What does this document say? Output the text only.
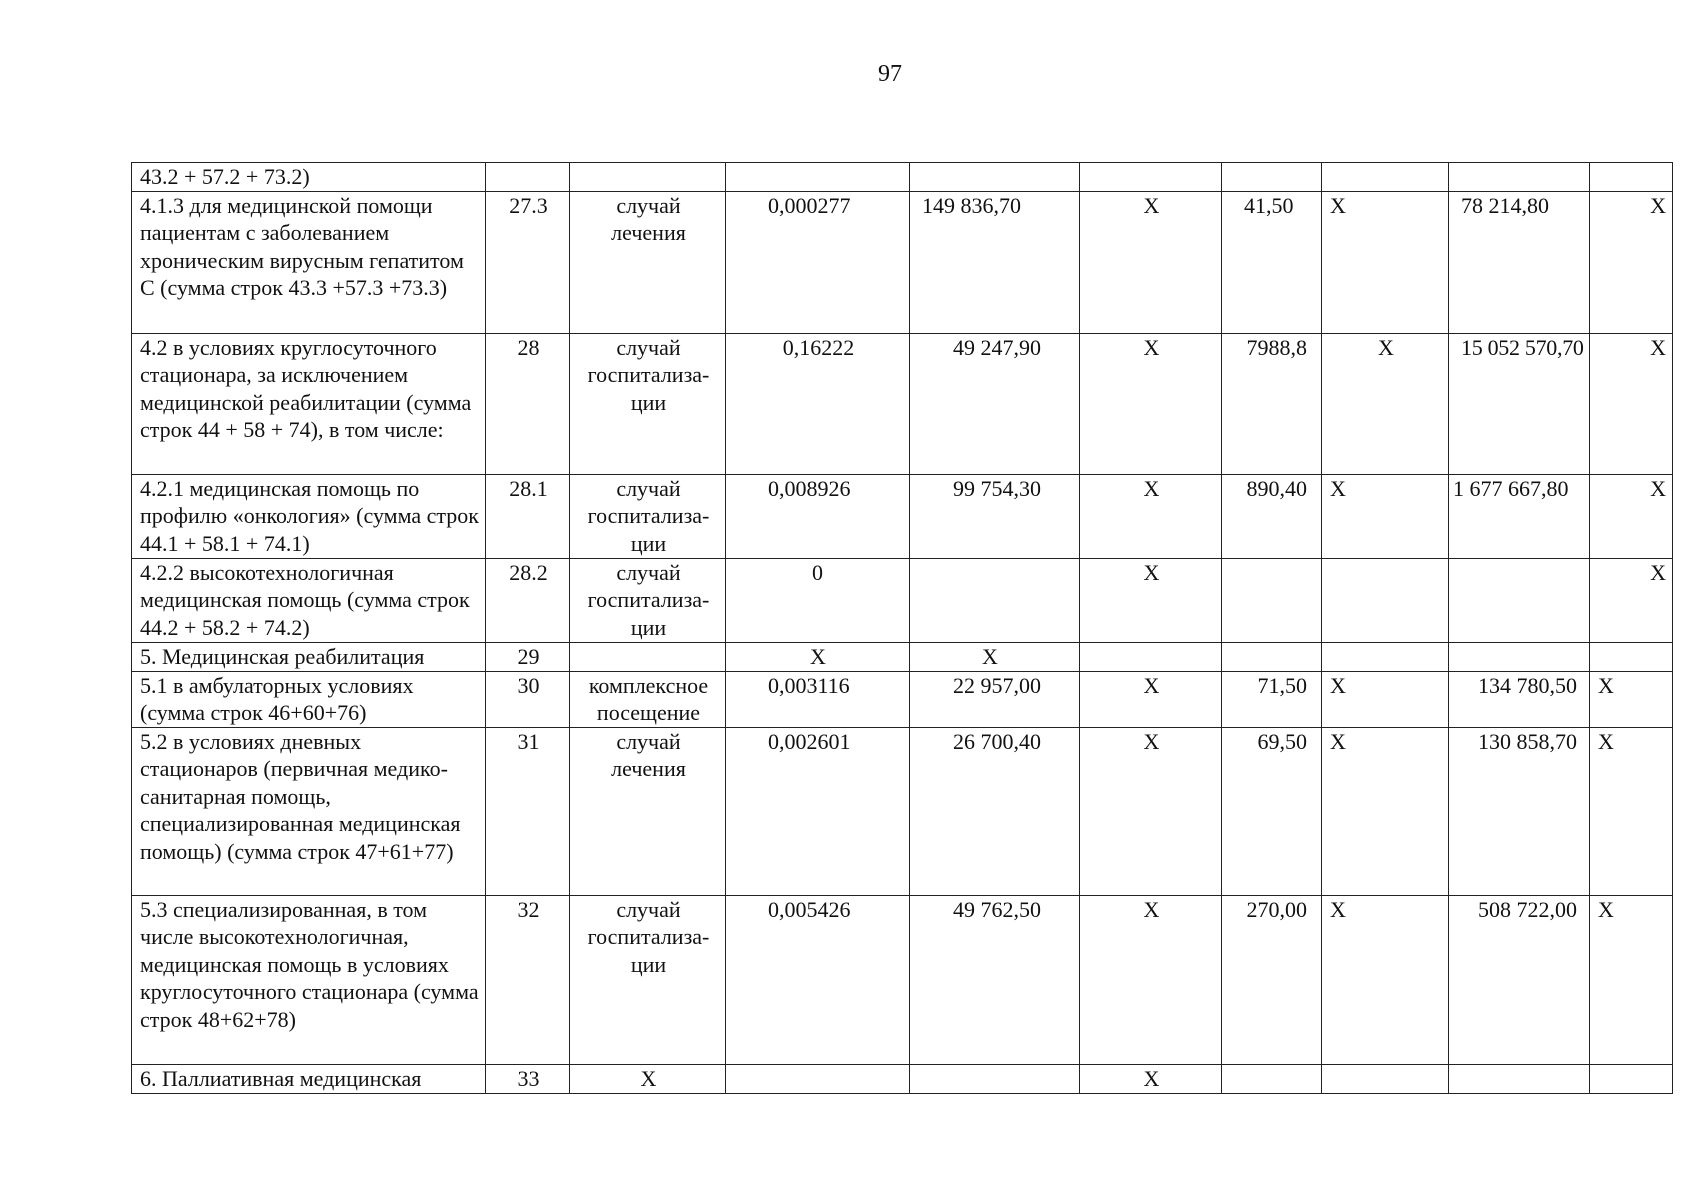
97
43.2 + 57.2 + 73.2)									
4.1.3 для медицинской помощи пациентам с заболеванием хроническим вирусным гепатитом С (сумма строк 43.3 +57.3 +73.3)	27.3	случай лечения	0,000277	149 836,70	X	41,50	X	78 214,80	X
4.2 в условиях круглосуточного стационара, за исключением медицинской реабилитации (сумма строк 44 + 58 + 74), в том числе:	28	случай госпитализа-ции	0,16222	49 247,90	X	7988,8	X	15 052 570,70	X
4.2.1 медицинская помощь по профилю «онкология» (сумма строк 44.1 + 58.1 + 74.1)	28.1	случай госпитализа-ции	0,008926	99 754,30	X	890,40	X	1 677 667,80	X
4.2.2 высокотехнологичная медицинская помощь (сумма строк 44.2 + 58.2 + 74.2)	28.2	случай госпитализа-ции	0		X				X
5. Медицинская реабилитация	29		X	X					
5.1 в амбулаторных условиях (сумма строк 46+60+76)	30	комплексное посещение	0,003116	22 957,00	X	71,50	X	134 780,50	X
5.2 в условиях дневных стационаров (первичная медико-санитарная помощь, специализированная медицинская помощь) (сумма строк 47+61+77)	31	случай лечения	0,002601	26 700,40	X	69,50	X	130 858,70	X
5.3 специализированная, в том числе высокотехнологичная, медицинская помощь в условиях круглосуточного стационара (сумма строк 48+62+78)	32	случай госпитализа-ции	0,005426	49 762,50	X	270,00	X	508 722,00	X
6. Паллиативная медицинская	33	X			X				
